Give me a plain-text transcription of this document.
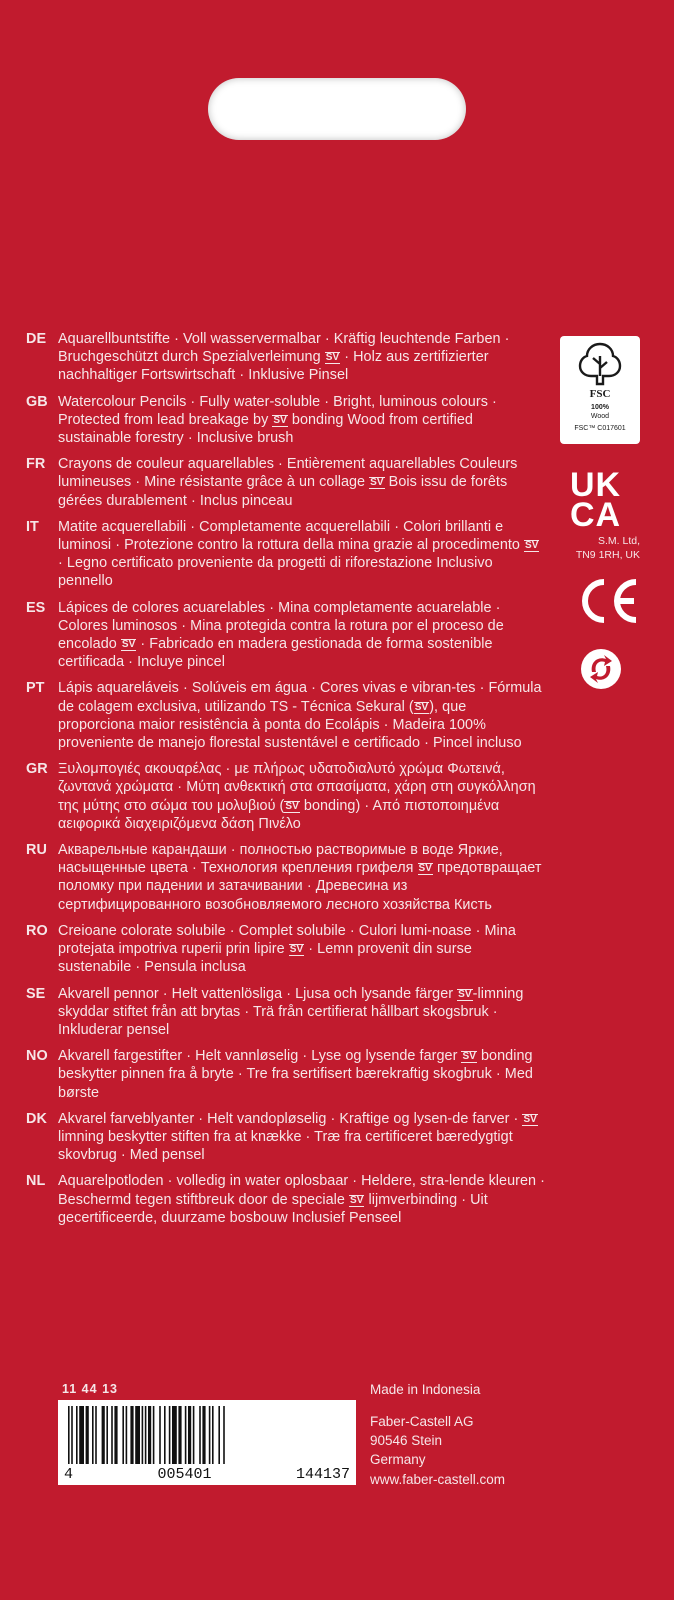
DE Aquarellbuntstifte · Voll wasservermalbar · Kräftig leuchtende Farben · Bruchgeschützt durch Spezialverleimung SV · Holz aus zertifizierter nachhaltiger Fortswirtschaft · Inklusive Pinsel
GB Watercolour Pencils · Fully water-soluble · Bright, luminous colours · Protected from lead breakage by SV bonding Wood from certified sustainable forestry · Inclusive brush
FR Crayons de couleur aquarellables · Entièrement aquarellables Couleurs lumineuses · Mine résistante grâce à un collage SV Bois issu de forêts gérées durablement · Inclus pinceau
IT Matite acquerellabili · Completamente acquerellabili · Colori brillanti e luminosi · Protezione contro la rottura della mina grazie al procedimento SV · Legno certificato proveniente da progetti di riforestazione Inclusivo pennello
ES Lápices de colores acuarelables · Mina completamente acuarelable · Colores luminosos · Mina protegida contra la rotura por el proceso de encolado SV · Fabricado en madera gestionada de forma sostenible certificada · Incluye pincel
PT Lápis aquareláveis · Solúveis em água · Cores vivas e vibran-tes · Fórmula de colagem exclusiva, utilizando TS - Técnica Sekural (SV), que proporciona maior resistência à ponta do Ecolápis · Madeira 100% proveniente de manejo florestal sustentável e certificado · Pincel incluso
GR Ξυλομπογιές ακουαρέλας · με πλήρως υδατοδιαλυτό χρώμα Φωτεινά, ζωντανά χρώματα · Μύτη ανθεκτική στα σπασίματα, χάρη στη συγκόλληση της μύτης στο σώμα του μολυβιού (SV bonding) · Από πιστοποιημένα αειφορικά διαχειριζόμενα δάση Πινέλο
RU Акварельные карандаши · полностью растворимые в воде Яркие, насыщенные цвета · Технология крепления грифеля SV предотвращает поломку при падении и затачивании · Древесина из сертифицированного возобновляемого лесного хозяйства Кисть
RO Creioane colorate solubile · Complet solubile · Culori lumi-noase · Mina protejata impotriva ruperii prin lipire SV · Lemn provenit din surse sustenabile · Pensula inclusa
SE Akvarell pennor · Helt vattenlösliga · Ljusa och lysande färger SV-limning skyddar stiftet från att brytas · Trä från certifierat hållbart skogsbruk · Inkluderar pensel
NO Akvarell fargestifter · Helt vannløselig · Lyse og lysende farger SV bonding beskytter pinnen fra å bryte · Tre fra sertifisert bærekraftig skogbruk · Med børste
DK Akvarel farveblyanter · Helt vandopløselig · Kraftige og lysen-de farver · SV limning beskytter stiften fra at knække · Træ fra certificeret bæredygtigt skovbrug · Med pensel
NL Aquarelpotloden · volledig in water oplosbaar · Heldere, stra-lende kleuren · Beschermd tegen stiftbreuk door de speciale SV lijmverbinding · Uit gecertificeerde, duurzame bosbouw Inclusief Penseel
FSC
100%
Wood
FSC™ C017601
UK
CA
S.M. Ltd,
TN9 1RH, UK
11 44 13
4	005401	144137
Made in Indonesia
Faber-Castell AG
90546 Stein
Germany
www.faber-castell.com
